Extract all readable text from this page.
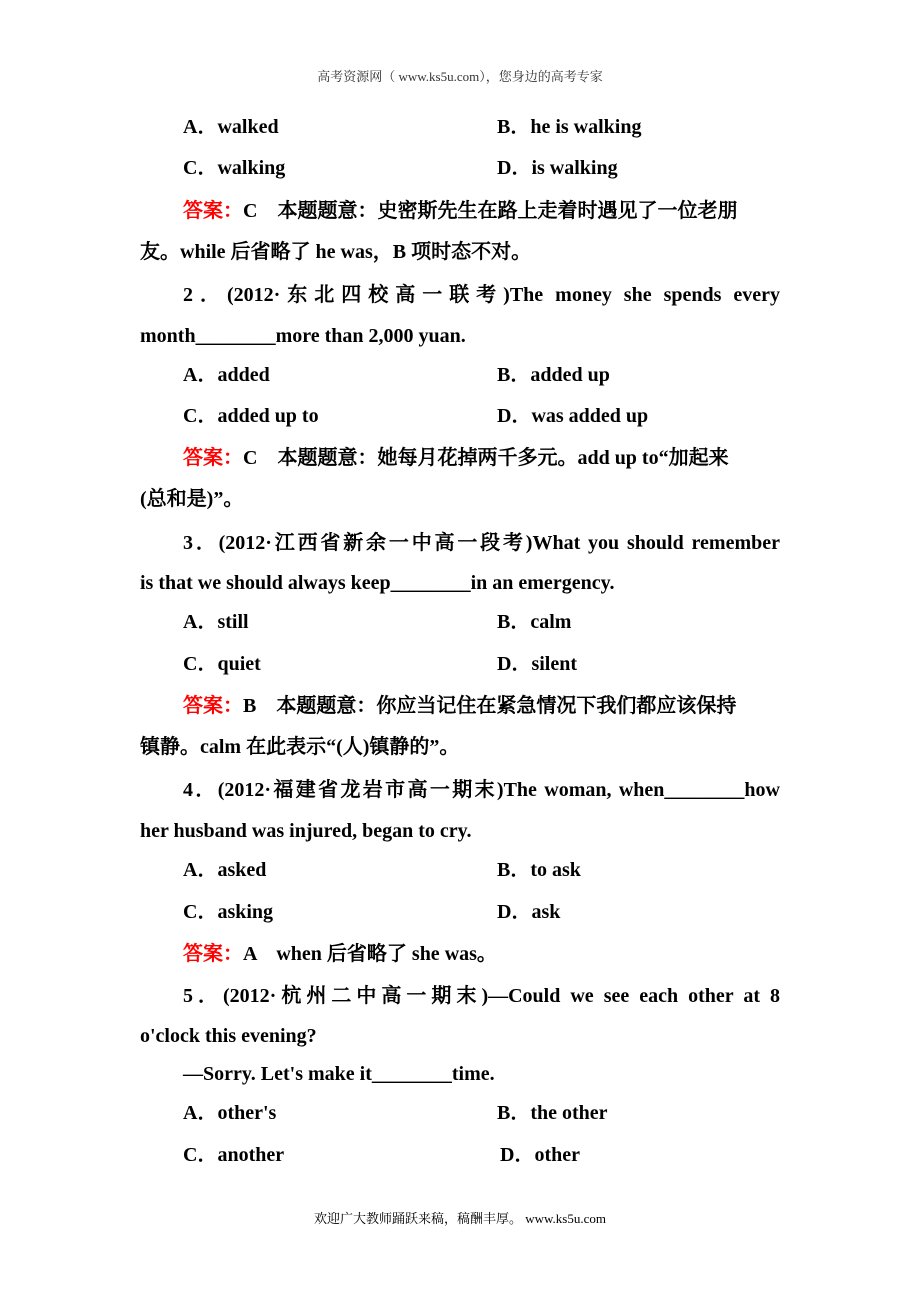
高考资源网（ www.ks5u.com），您身边的高考专家
A．walked	B．he is walking
C．walking	D．is walking
答案：C　本题题意：史密斯先生在路上走着时遇见了一位老朋
友。while 后省略了 he was，B 项时态不对。
2．(2012·东北四校高一联考)The money she spends every
month________more than 2,000 yuan.
A．added	B．added up
C．added up to	D．was added up
答案：C　本题题意：她每月花掉两千多元。add up to“加起来
(总和是)”。
3．(2012·江西省新余一中高一段考)What you should remember
is that we should always keep________in an emergency.
A．still	B．calm
C．quiet	D．silent
答案：B　本题题意：你应当记住在紧急情况下我们都应该保持
镇静。calm 在此表示“(人)镇静的”。
4．(2012·福建省龙岩市高一期末)The woman, when________how
her husband was injured, began to cry.
A．asked	B．to ask
C．asking	D．ask
答案：A　when 后省略了 she was。
5．(2012·杭州二中高一期末)—Could we see each other at 8
o'clock this evening?
—Sorry. Let's make it________time.
A．other's	B．the other
C．another	D．other
欢迎广大教师踊跃来稿，稿酬丰厚。 www.ks5u.com
